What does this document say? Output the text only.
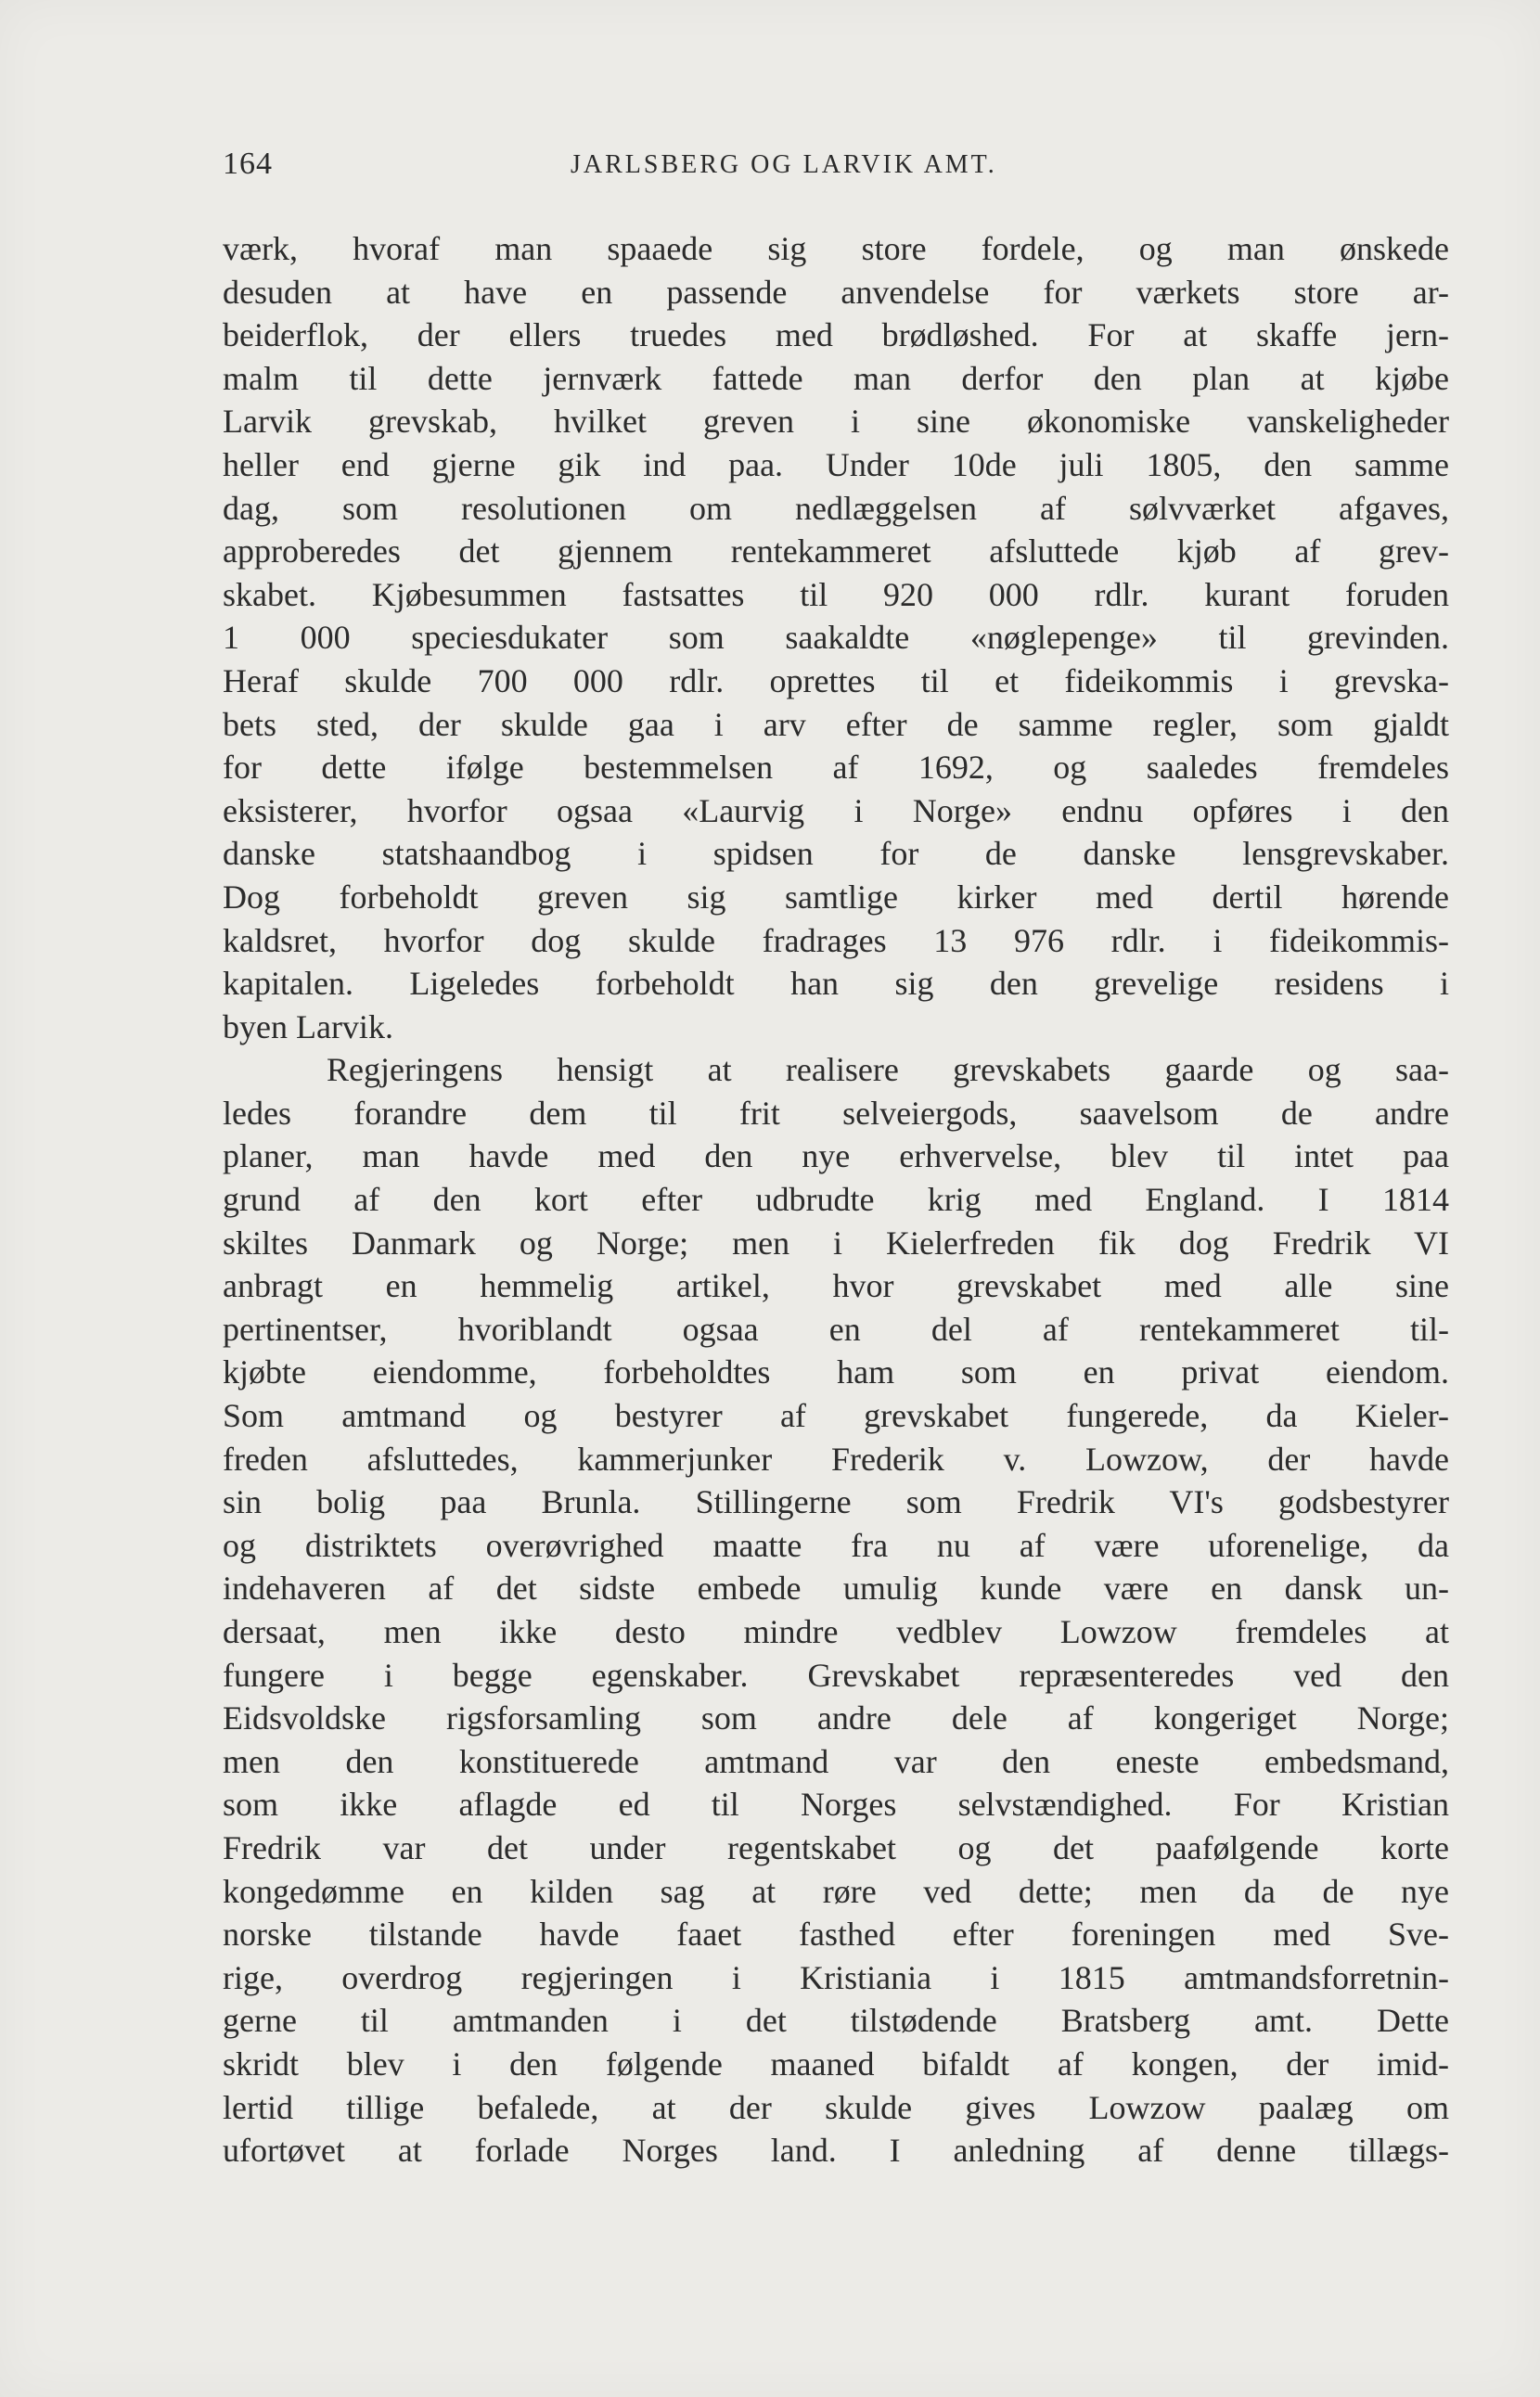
164	JARLSBERG OG LARVIK AMT.
værk, hvoraf man spaaede sig store fordele, og man ønskede
desuden at have en passende anvendelse for værkets store ar-
beiderflok, der ellers truedes med brødløshed. For at skaffe jern-
malm til dette jernværk fattede man derfor den plan at kjøbe
Larvik grevskab, hvilket greven i sine økonomiske vanskeligheder
heller end gjerne gik ind paa. Under 10de juli 1805, den samme
dag, som resolutionen om nedlæggelsen af sølvværket afgaves,
approberedes det gjennem rentekammeret afsluttede kjøb af grev-
skabet. Kjøbesummen fastsattes til 920 000 rdlr. kurant foruden
1 000 speciesdukater som saakaldte «nøglepenge» til grevinden.
Heraf skulde 700 000 rdlr. oprettes til et fideikommis i grevska-
bets sted, der skulde gaa i arv efter de samme regler, som gjaldt
for dette ifølge bestemmelsen af 1692, og saaledes fremdeles
eksisterer, hvorfor ogsaa «Laurvig i Norge» endnu opføres i den
danske statshaandbog i spidsen for de danske lensgrevskaber.
Dog forbeholdt greven sig samtlige kirker med dertil hørende
kaldsret, hvorfor dog skulde fradrages 13 976 rdlr. i fideikommis-
kapitalen. Ligeledes forbeholdt han sig den grevelige residens i
byen Larvik.
Regjeringens hensigt at realisere grevskabets gaarde og saa-
ledes forandre dem til frit selveiergods, saavelsom de andre
planer, man havde med den nye erhvervelse, blev til intet paa
grund af den kort efter udbrudte krig med England. I 1814
skiltes Danmark og Norge; men i Kielerfreden fik dog Fredrik VI
anbragt en hemmelig artikel, hvor grevskabet med alle sine
pertinentser, hvoriblandt ogsaa en del af rentekammeret til-
kjøbte eiendomme, forbeholdtes ham som en privat eiendom.
Som amtmand og bestyrer af grevskabet fungerede, da Kieler-
freden afsluttedes, kammerjunker Frederik v. Lowzow, der havde
sin bolig paa Brunla. Stillingerne som Fredrik VI's godsbestyrer
og distriktets overøvrighed maatte fra nu af være uforenelige, da
indehaveren af det sidste embede umulig kunde være en dansk un-
dersaat, men ikke desto mindre vedblev Lowzow fremdeles at
fungere i begge egenskaber. Grevskabet repræsenteredes ved den
Eidsvoldske rigsforsamling som andre dele af kongeriget Norge;
men den konstituerede amtmand var den eneste embedsmand,
som ikke aflagde ed til Norges selvstændighed. For Kristian
Fredrik var det under regentskabet og det paafølgende korte
kongedømme en kilden sag at røre ved dette; men da de nye
norske tilstande havde faaet fasthed efter foreningen med Sve-
rige, overdrog regjeringen i Kristiania i 1815 amtmandsforretnin-
gerne til amtmanden i det tilstødende Bratsberg amt. Dette
skridt blev i den følgende maaned bifaldt af kongen, der imid-
lertid tillige befalede, at der skulde gives Lowzow paalæg om
ufortøvet at forlade Norges land. I anledning af denne tillægs-
